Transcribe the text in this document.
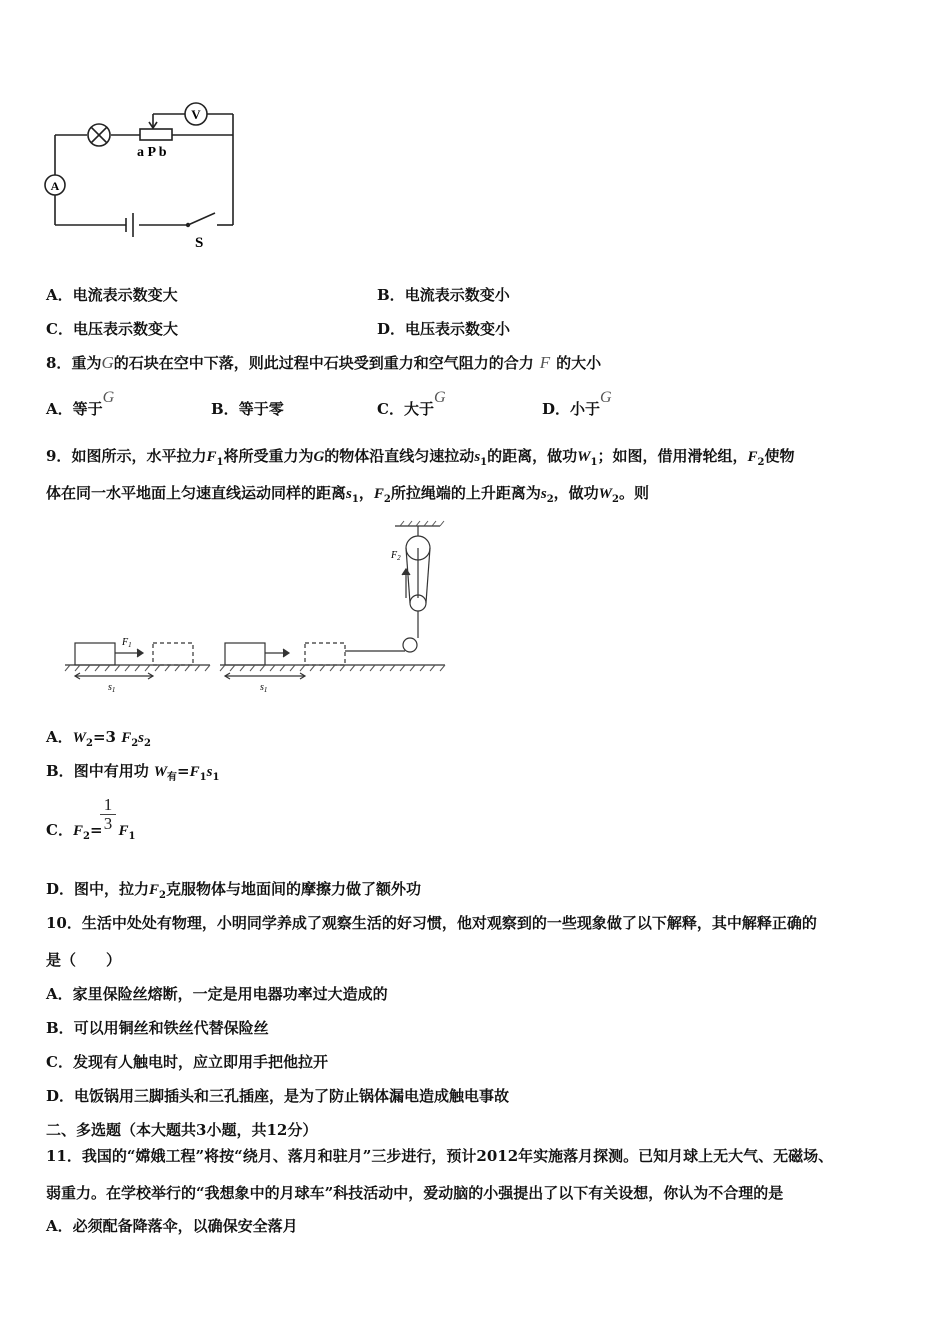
V
A
a P b
S
A．电流表示数变大	B．电流表示数变小
C．电压表示数变大	D．电压表示数变小
8．重为G的石块在空中下落，则此过程中石块受到重力和空气阻力的合力 F 的大小
A．等于G
B．等于零	C．大于G
D．小于G
9．如图所示，水平拉力$F_1$将所受重力为G的物体沿直线匀速拉动$s_1$的距离，做功$W_1$；如图，借用滑轮组，$F_2$使物
体在同一水平地面上匀速直线运动同样的距离$s_1$，$F_2$所拉绳端的上升距离为$s_2$，做功$W_2$。则
$F_1$
$F_2$
$s_1$	$s_1$
A．$W_2=3$ $F_2s_2$
B．图中有用功 $W_有=F_1s_1$
C．$F_2= F_1$
$\frac{1}{3}$
D．图中，拉力$F_2$克服物体与地面间的摩擦力做了额外功
10．生活中处处有物理，小明同学养成了观察生活的好习惯，他对观察到的一些现象做了以下解释，其中解释正确的
是（　　）
A．家里保险丝熔断，一定是用电器功率过大造成的
B．可以用铜丝和铁丝代替保险丝
C．发现有人触电时，应立即用手把他拉开
D．电饭锅用三脚插头和三孔插座，是为了防止锅体漏电造成触电事故
二、多选题（本大题共3小题，共12分）
11．我国的“嫦娥工程”将按“绕月、落月和驻月”三步进行，预计2012年实施落月探测。已知月球上无大气、无磁场、
弱重力。在学校举行的“我想象中的月球车”科技活动中，爱动脑的小强提出了以下有关设想，你认为不合理的是
A．必须配备降落伞，以确保安全落月
